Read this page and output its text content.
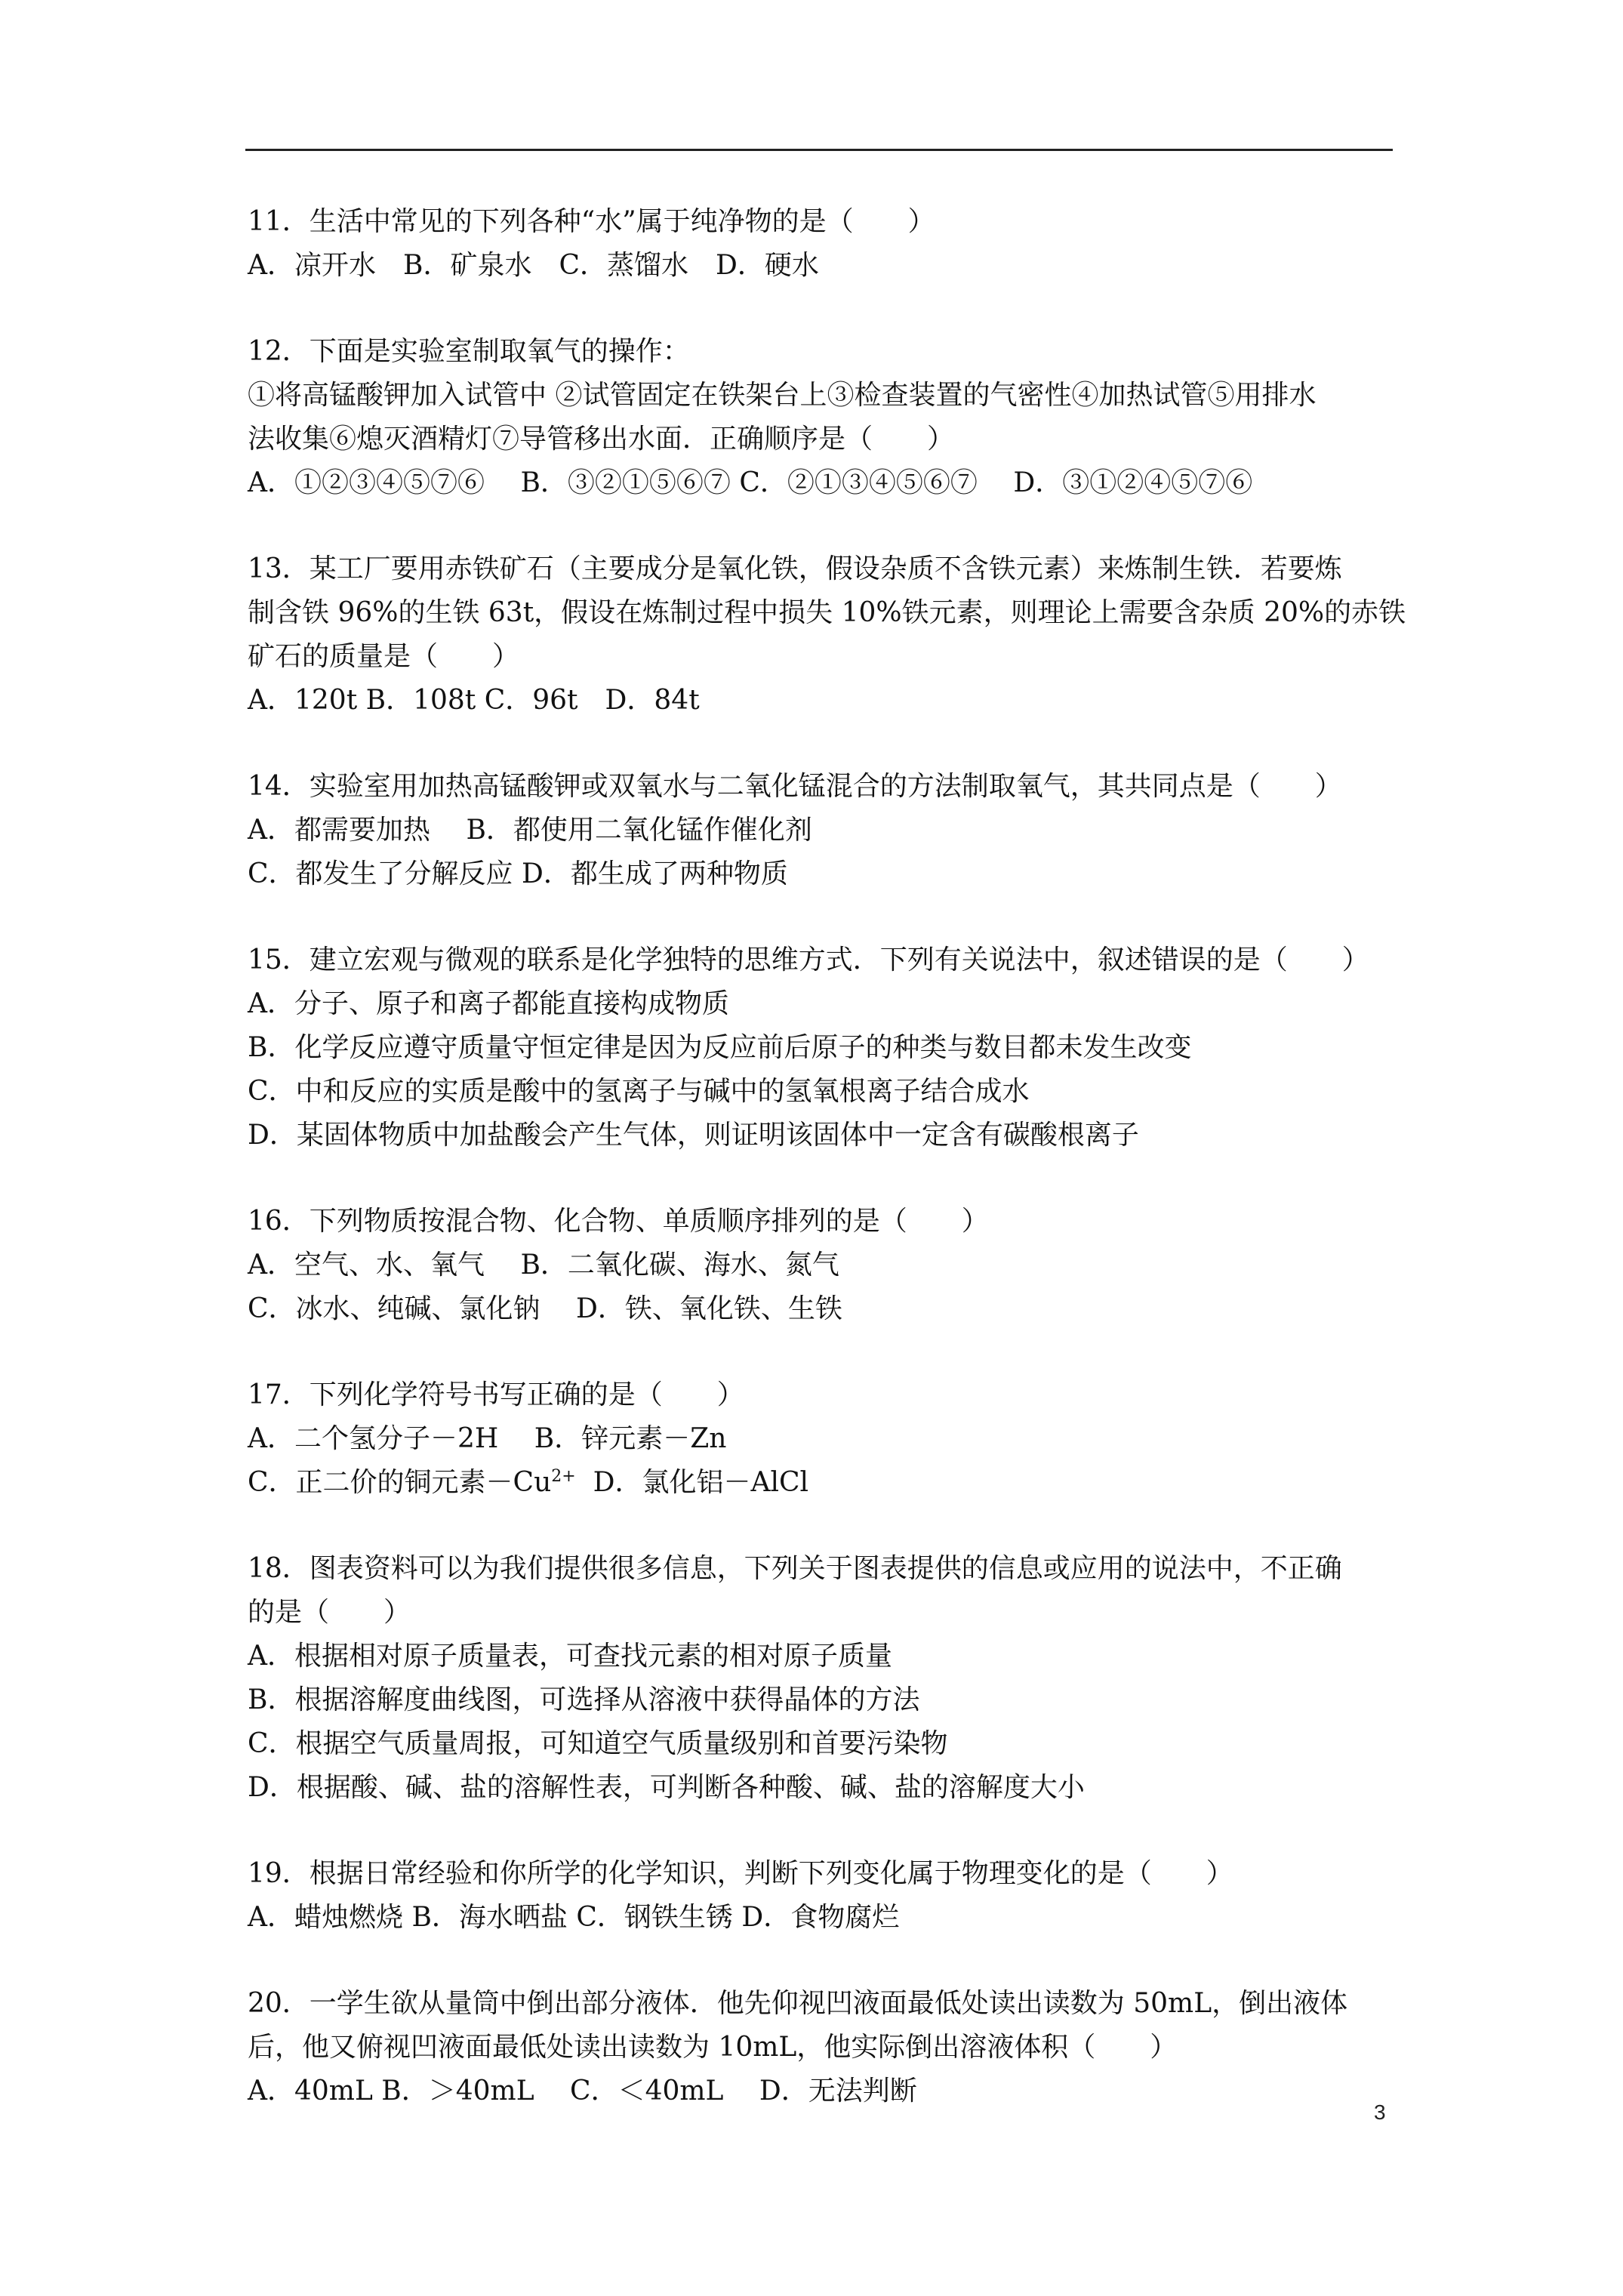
11．生活中常见的下列各种“水”属于纯净物的是（　　）
A．凉开水　B．矿泉水　C．蒸馏水　D．硬水
12．下面是实验室制取氧气的操作：
①将高锰酸钾加入试管中 ②试管固定在铁架台上③检查装置的气密性④加热试管⑤用排水
法收集⑥熄灭酒精灯⑦导管移出水面．正确顺序是（　　）
A．①②③④⑤⑦⑥　 B．③②①⑤⑥⑦ C．②①③④⑤⑥⑦　 D．③①②④⑤⑦⑥
13．某工厂要用赤铁矿石（主要成分是氧化铁，假设杂质不含铁元素）来炼制生铁．若要炼
制含铁 96%的生铁 63t，假设在炼制过程中损失 10%铁元素，则理论上需要含杂质 20%的赤铁
矿石的质量是（　　）
A．120t B．108t C．96t　D．84t
14．实验室用加热高锰酸钾或双氧水与二氧化锰混合的方法制取氧气，其共同点是（　　）
A．都需要加热　 B．都使用二氧化锰作催化剂
C．都发生了分解反应 D．都生成了两种物质
15．建立宏观与微观的联系是化学独特的思维方式．下列有关说法中，叙述错误的是（　　）
A．分子、原子和离子都能直接构成物质
B．化学反应遵守质量守恒定律是因为反应前后原子的种类与数目都未发生改变
C．中和反应的实质是酸中的氢离子与碱中的氢氧根离子结合成水
D．某固体物质中加盐酸会产生气体，则证明该固体中一定含有碳酸根离子
16．下列物质按混合物、化合物、单质顺序排列的是（　　）
A．空气、水、氧气　 B．二氧化碳、海水、氮气
C．冰水、纯碱、氯化钠　 D．铁、氧化铁、生铁
17．下列化学符号书写正确的是（　　）
A．二个氢分子－2H　 B．锌元素－Zn
C．正二价的铜元素$-Cu^{2+}$  D．氯化铝－AlCl
18．图表资料可以为我们提供很多信息，下列关于图表提供的信息或应用的说法中，不正确
的是（　　）
A．根据相对原子质量表，可查找元素的相对原子质量
B．根据溶解度曲线图，可选择从溶液中获得晶体的方法
C．根据空气质量周报，可知道空气质量级别和首要污染物
D．根据酸、碱、盐的溶解性表，可判断各种酸、碱、盐的溶解度大小
19．根据日常经验和你所学的化学知识，判断下列变化属于物理变化的是（　　）
A．蜡烛燃烧 B．海水晒盐 C．钢铁生锈 D．食物腐烂
20．一学生欲从量筒中倒出部分液体．他先仰视凹液面最低处读出读数为 50mL，倒出液体
后，他又俯视凹液面最低处读出读数为 10mL，他实际倒出溶液体积（　　）
A．40mL B．＞40mL　 C．＜40mL　 D．无法判断
3
